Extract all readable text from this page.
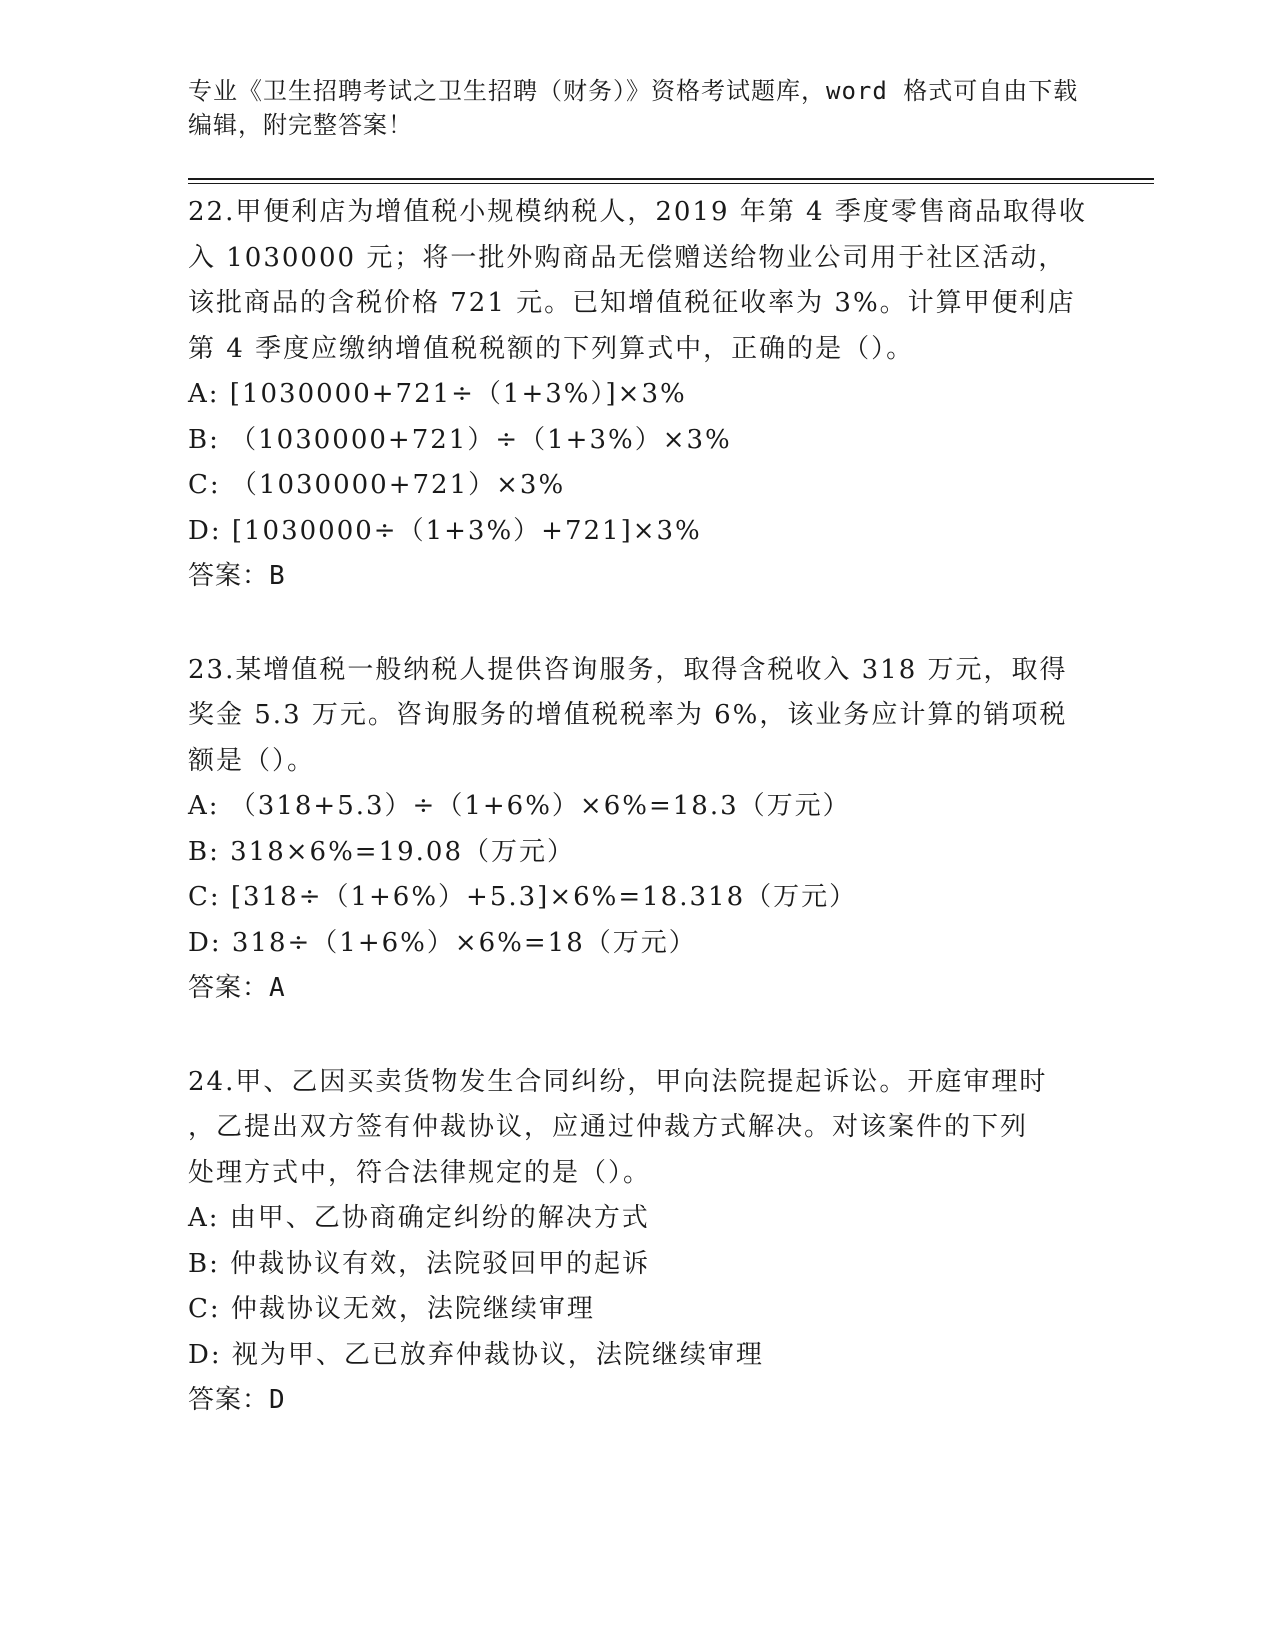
专业《卫生招聘考试之卫生招聘（财务）》资格考试题库，word 格式可自由下载
编辑，附完整答案！
22.甲便利店为增值税小规模纳税人，2019 年第 4 季度零售商品取得收
入 1030000 元；将一批外购商品无偿赠送给物业公司用于社区活动，
该批商品的含税价格 721 元。已知增值税征收率为 3%。计算甲便利店
第 4 季度应缴纳增值税税额的下列算式中，正确的是（）。
A: [1030000+721÷（1+3%）]×3%
B: （1030000+721）÷（1+3%）×3%
C: （1030000+721）×3%
D: [1030000÷（1+3%）+721]×3%
答案：B
23.某增值税一般纳税人提供咨询服务，取得含税收入 318 万元，取得
奖金 5.3 万元。咨询服务的增值税税率为 6%，该业务应计算的销项税
额是（）。
A: （318+5.3）÷（1+6%）×6%=18.3（万元）
B: 318×6%=19.08（万元）
C: [318÷（1+6%）+5.3]×6%=18.318（万元）
D: 318÷（1+6%）×6%=18（万元）
答案：A
24.甲、乙因买卖货物发生合同纠纷，甲向法院提起诉讼。开庭审理时
，乙提出双方签有仲裁协议，应通过仲裁方式解决。对该案件的下列
处理方式中，符合法律规定的是（）。
A: 由甲、乙协商确定纠纷的解决方式
B: 仲裁协议有效，法院驳回甲的起诉
C: 仲裁协议无效，法院继续审理
D: 视为甲、乙已放弃仲裁协议，法院继续审理
答案：D
